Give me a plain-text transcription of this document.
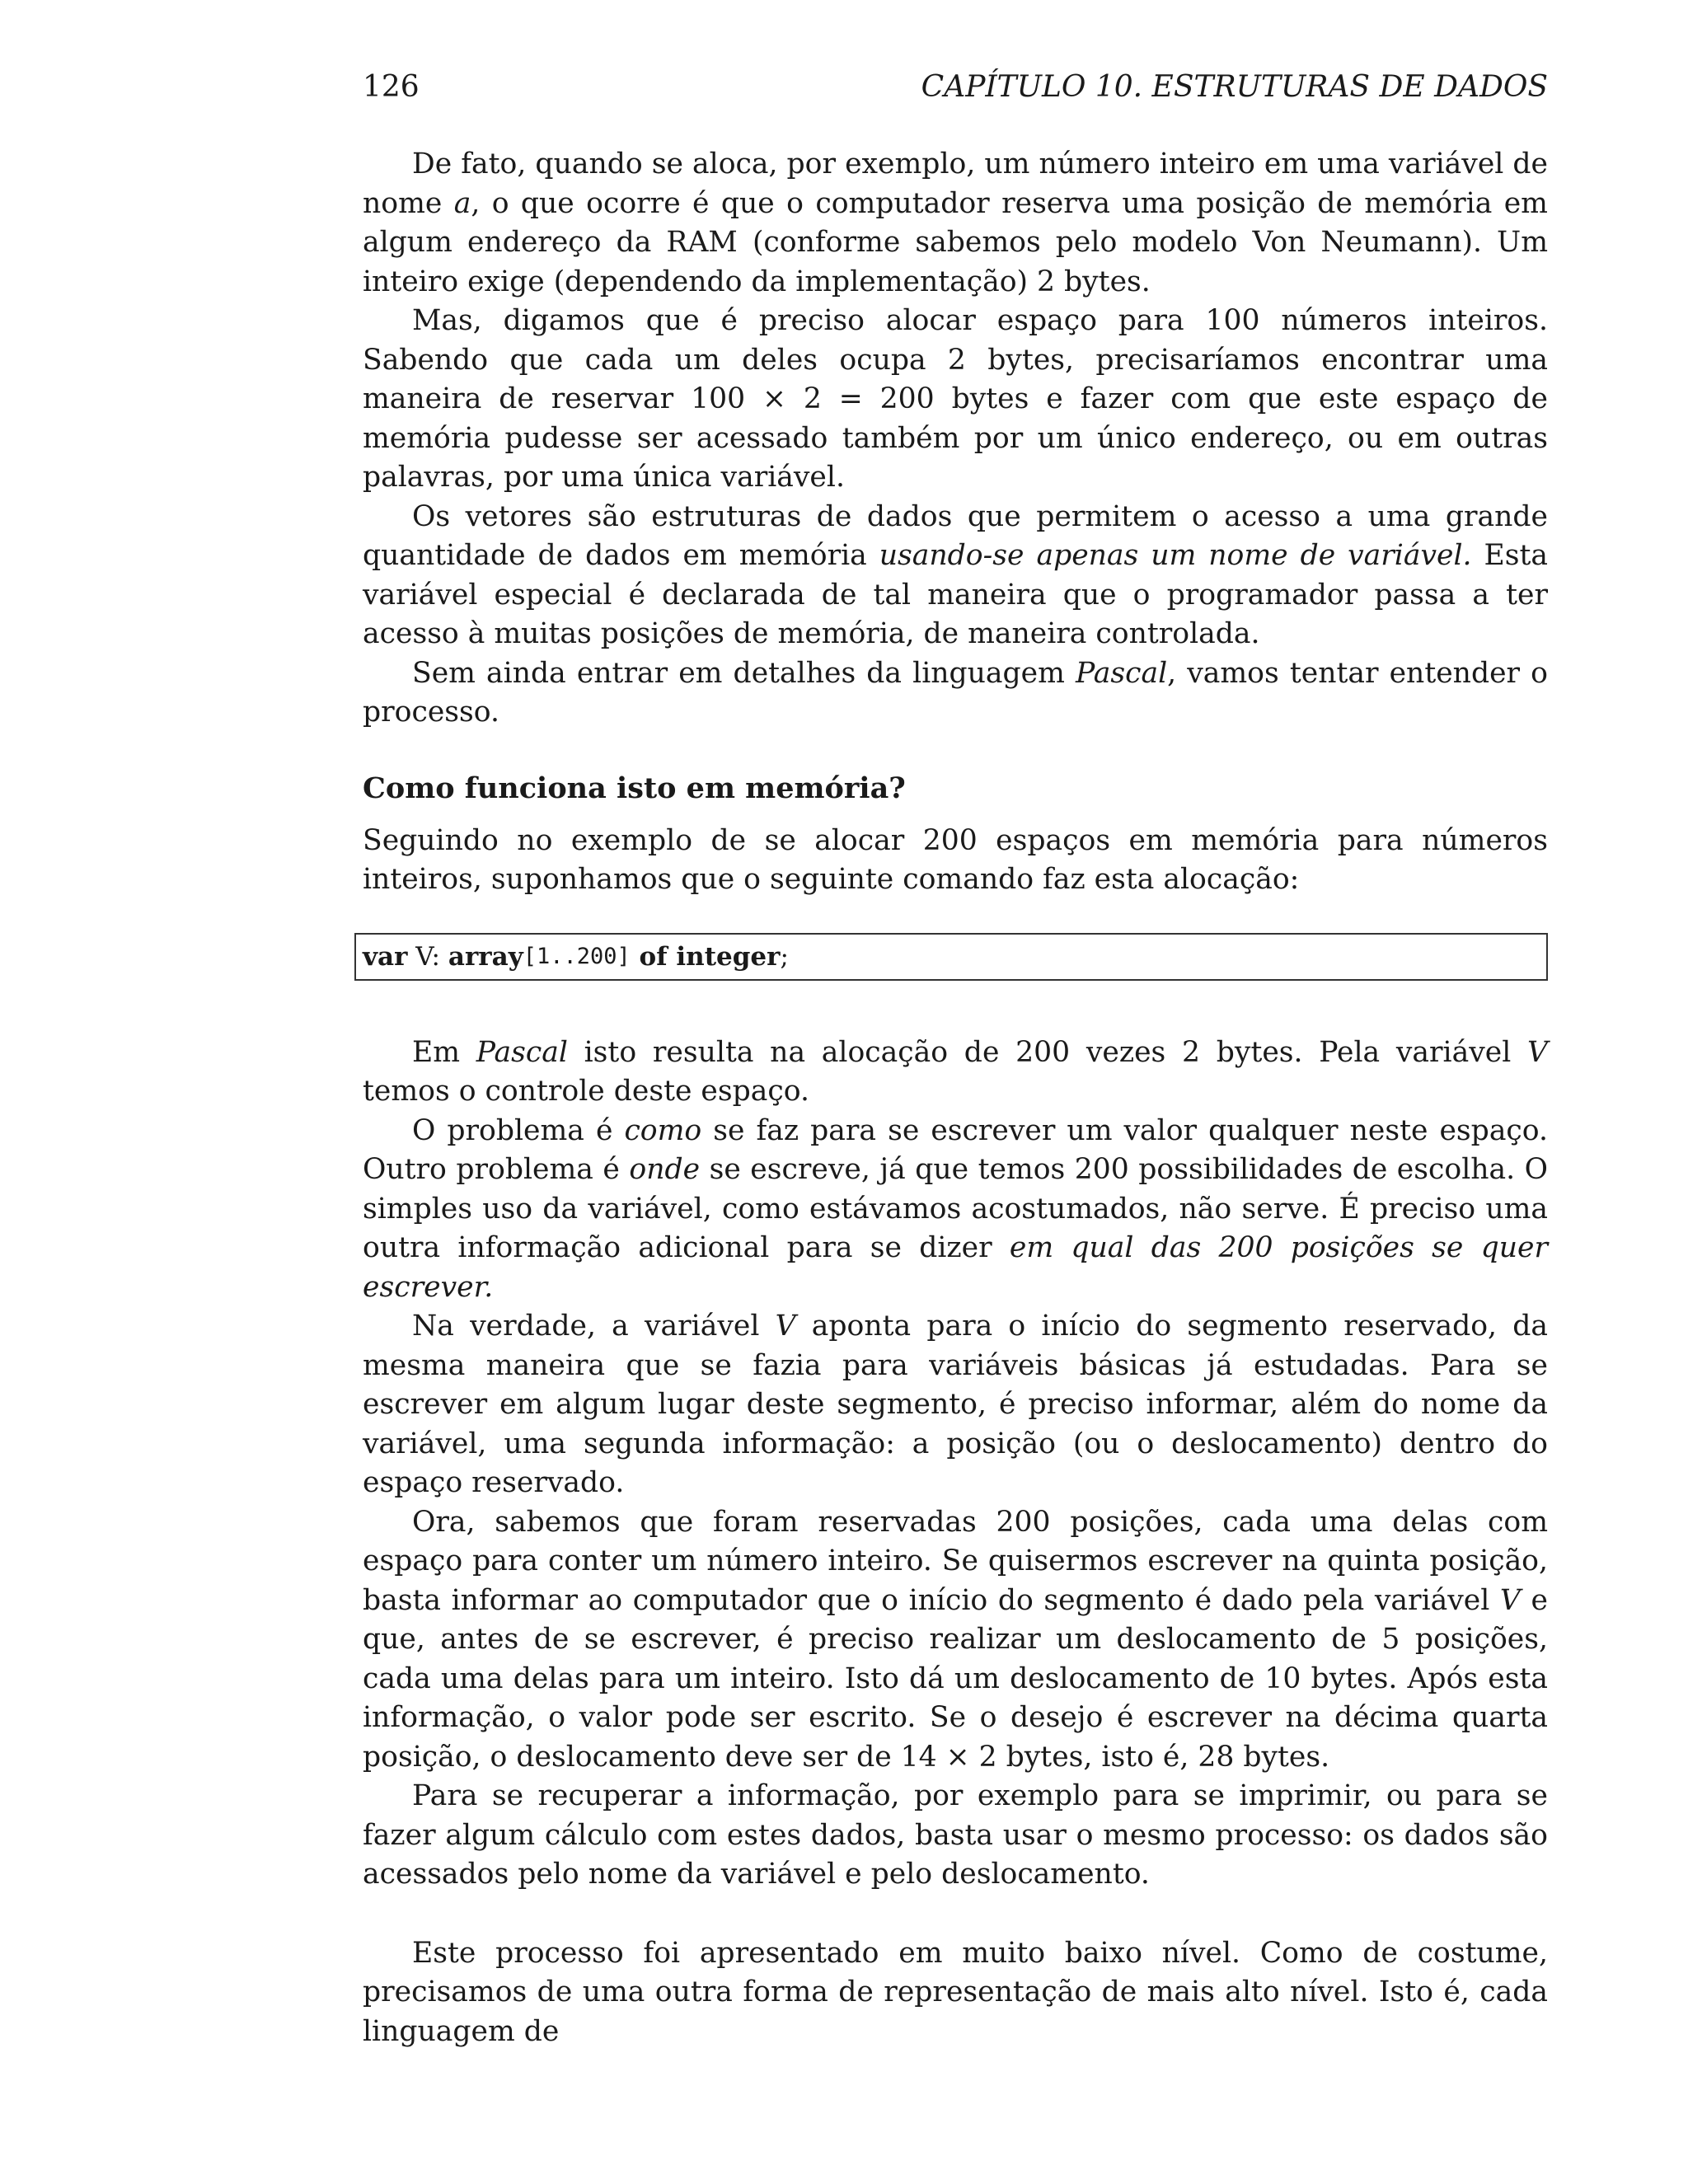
126	CAPÍTULO 10. ESTRUTURAS DE DADOS

De fato, quando se aloca, por exemplo, um número inteiro em uma variável de nome a, o que ocorre é que o computador reserva uma posição de memória em algum endereço da RAM (conforme sabemos pelo modelo Von Neumann). Um inteiro exige (dependendo da implementação) 2 bytes.

Mas, digamos que é preciso alocar espaço para 100 números inteiros. Sabendo que cada um deles ocupa 2 bytes, precisaríamos encontrar uma maneira de reservar 100 × 2 = 200 bytes e fazer com que este espaço de memória pudesse ser acessado também por um único endereço, ou em outras palavras, por uma única variável.

Os vetores são estruturas de dados que permitem o acesso a uma grande quantidade de dados em memória usando-se apenas um nome de variável. Esta variável especial é declarada de tal maneira que o programador passa a ter acesso à muitas posições de memória, de maneira controlada.

Sem ainda entrar em detalhes da linguagem Pascal, vamos tentar entender o processo.

Como funciona isto em memória?

Seguindo no exemplo de se alocar 200 espaços em memória para números inteiros, suponhamos que o seguinte comando faz esta alocação:

var V: array [1..200] of integer ;

Em Pascal isto resulta na alocação de 200 vezes 2 bytes. Pela variável V temos o controle deste espaço.

O problema é como se faz para se escrever um valor qualquer neste espaço. Outro problema é onde se escreve, já que temos 200 possibilidades de escolha. O simples uso da variável, como estávamos acostumados, não serve. É preciso uma outra informação adicional para se dizer em qual das 200 posições se quer escrever.

Na verdade, a variável V aponta para o início do segmento reservado, da mesma maneira que se fazia para variáveis básicas já estudadas. Para se escrever em algum lugar deste segmento, é preciso informar, além do nome da variável, uma segunda informação: a posição (ou o deslocamento) dentro do espaço reservado.

Ora, sabemos que foram reservadas 200 posições, cada uma delas com espaço para conter um número inteiro. Se quisermos escrever na quinta posição, basta informar ao computador que o início do segmento é dado pela variável V e que, antes de se escrever, é preciso realizar um deslocamento de 5 posições, cada uma delas para um inteiro. Isto dá um deslocamento de 10 bytes. Após esta informação, o valor pode ser escrito. Se o desejo é escrever na décima quarta posição, o deslocamento deve ser de 14 × 2 bytes, isto é, 28 bytes.

Para se recuperar a informação, por exemplo para se imprimir, ou para se fazer algum cálculo com estes dados, basta usar o mesmo processo: os dados são acessados pelo nome da variável e pelo deslocamento.

Este processo foi apresentado em muito baixo nível. Como de costume, precisamos de uma outra forma de representação de mais alto nível. Isto é, cada linguagem de
